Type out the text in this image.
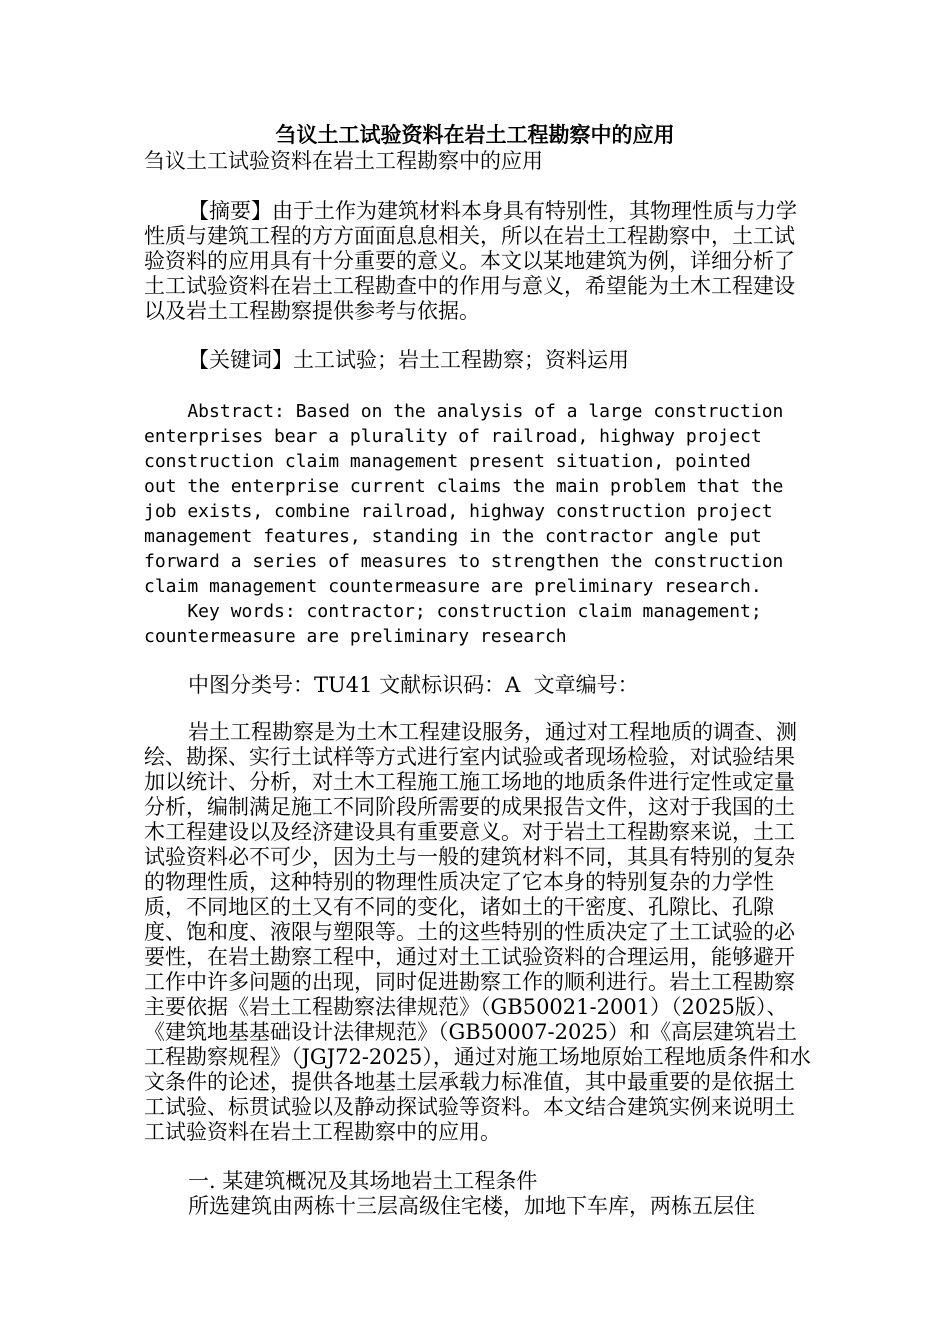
刍议土工试验资料在岩土工程勘察中的应用
刍议土工试验资料在岩土工程勘察中的应用

【摘要】由于土作为建筑材料本身具有特别性，其物理性质与力学性质与建筑工程的方方面面息息相关，所以在岩土工程勘察中，土工试验资料的应用具有十分重要的意义。本文以某地建筑为例，详细分析了土工试验资料在岩土工程勘查中的作用与意义，希望能为土木工程建设以及岩土工程勘察提供参考与依据。

【关键词】土工试验；岩土工程勘察；资料运用

Abstract: Based on the analysis of a large construction
enterprises bear a plurality of railroad, highway project
construction claim management present situation, pointed
out the enterprise current claims the main problem that the
job exists, combine railroad, highway construction project
management features, standing in the contractor angle put
forward a series of measures to strengthen the construction
claim management countermeasure are preliminary research.
Key words: contractor; construction claim management;
countermeasure are preliminary research

中图分类号：TU41 文献标识码：A  文章编号：

岩土工程勘察是为土木工程建设服务，通过对工程地质的调查、测绘、勘探、实行土试样等方式进行室内试验或者现场检验，对试验结果加以统计、分析，对土木工程施工施工场地的地质条件进行定性或定量分析，编制满足施工不同阶段所需要的成果报告文件，这对于我国的土木工程建设以及经济建设具有重要意义。对于岩土工程勘察来说，土工试验资料必不可少，因为土与一般的建筑材料不同，其具有特别的复杂的物理性质，这种特别的物理性质决定了它本身的特别复杂的力学性质，不同地区的土又有不同的变化，诸如土的干密度、孔隙比、孔隙度、饱和度、液限与塑限等。土的这些特别的性质决定了土工试验的必要性，在岩土勘察工程中，通过对土工试验资料的合理运用，能够避开工作中许多问题的出现，同时促进勘察工作的顺利进行。岩土工程勘察主要依据《岩土工程勘察法律规范》（GB50021-2001）（2025版）、《建筑地基基础设计法律规范》（GB50007-2025）和《高层建筑岩土工程勘察规程》（JGJ72-2025），通过对施工场地原始工程地质条件和水文条件的论述，提供各地基土层承载力标准值，其中最重要的是依据土工试验、标贯试验以及静动探试验等资料。本文结合建筑实例来说明土工试验资料在岩土工程勘察中的应用。

一. 某建筑概况及其场地岩土工程条件
所选建筑由两栋十三层高级住宅楼，加地下车库，两栋五层住
